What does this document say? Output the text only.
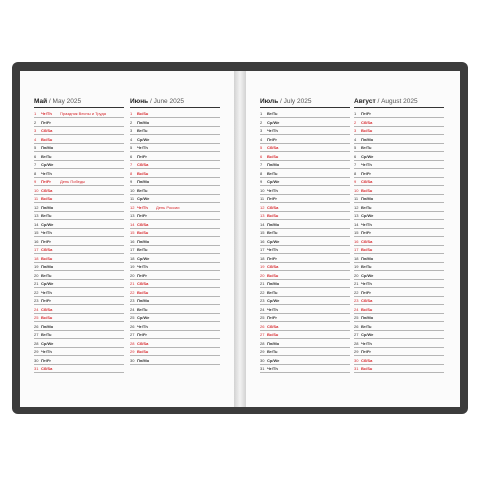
Май / May 2025
1 Чт/Th Праздник Весны и Труда
2 Пт/Fr
3 Сб/Sa
4 Вс/Su
5 Пн/Mo
6 Вт/Tu
7 Ср/We
8 Чт/Th
9 Пт/Fr День Победы
10 Сб/Sa
11 Вс/Su
12 Пн/Mo
13 Вт/Tu
14 Ср/We
15 Чт/Th
16 Пт/Fr
17 Сб/Sa
18 Вс/Su
19 Пн/Mo
20 Вт/Tu
21 Ср/We
22 Чт/Th
23 Пт/Fr
24 Сб/Sa
25 Вс/Su
26 Пн/Mo
27 Вт/Tu
28 Ср/We
29 Чт/Th
30 Пт/Fr
31 Сб/Sa
Июнь / June 2025
1 Вс/Su
2 Пн/Mo
3 Вт/Tu
4 Ср/We
5 Чт/Th
6 Пт/Fr
7 Сб/Sa
8 Вс/Su
9 Пн/Mo
10 Вт/Tu
11 Ср/We
12 Чт/Th День России
13 Пт/Fr
14 Сб/Sa
15 Вс/Su
16 Пн/Mo
17 Вт/Tu
18 Ср/We
19 Чт/Th
20 Пт/Fr
21 Сб/Sa
22 Вс/Su
23 Пн/Mo
24 Вт/Tu
25 Ср/We
26 Чт/Th
27 Пт/Fr
28 Сб/Sa
29 Вс/Su
30 Пн/Mo
Июль / July 2025
1 Вт/Tu
2 Ср/We
3 Чт/Th
4 Пт/Fr
5 Сб/Sa
6 Вс/Su
7 Пн/Mo
8 Вт/Tu
9 Ср/We
10 Чт/Th
11 Пт/Fr
12 Сб/Sa
13 Вс/Su
14 Пн/Mo
15 Вт/Tu
16 Ср/We
17 Чт/Th
18 Пт/Fr
19 Сб/Sa
20 Вс/Su
21 Пн/Mo
22 Вт/Tu
23 Ср/We
24 Чт/Th
25 Пт/Fr
26 Сб/Sa
27 Вс/Su
28 Пн/Mo
29 Вт/Tu
30 Ср/We
31 Чт/Th
Август / August 2025
1 Пт/Fr
2 Сб/Sa
3 Вс/Su
4 Пн/Mo
5 Вт/Tu
6 Ср/We
7 Чт/Th
8 Пт/Fr
9 Сб/Sa
10 Вс/Su
11 Пн/Mo
12 Вт/Tu
13 Ср/We
14 Чт/Th
15 Пт/Fr
16 Сб/Sa
17 Вс/Su
18 Пн/Mo
19 Вт/Tu
20 Ср/We
21 Чт/Th
22 Пт/Fr
23 Сб/Sa
24 Вс/Su
25 Пн/Mo
26 Вт/Tu
27 Ср/We
28 Чт/Th
29 Пт/Fr
30 Сб/Sa
31 Вс/Su
